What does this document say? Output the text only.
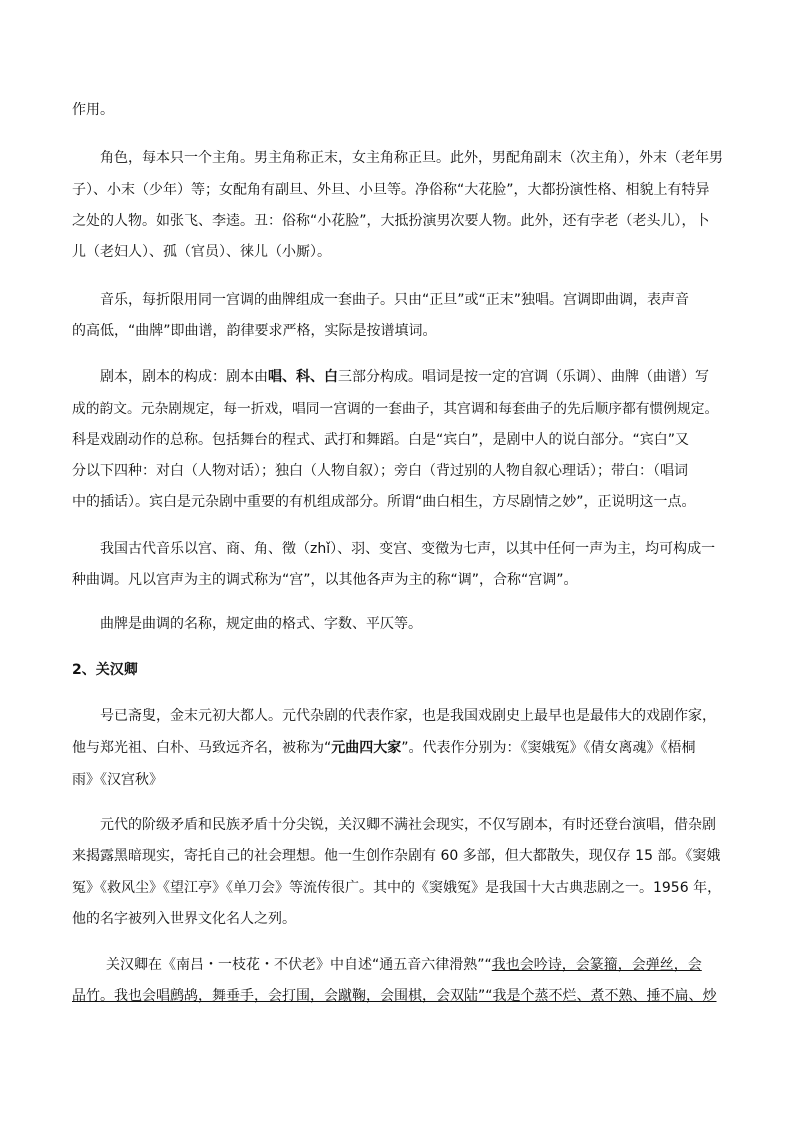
作用。
角色，每本只一个主角。男主角称正末，女主角称正旦。此外，男配角副末（次主角），外末（老年男
子）、小末（少年）等；女配角有副旦、外旦、小旦等。净俗称“大花脸”，大都扮演性格、相貌上有特异
之处的人物。如张飞、李逵。丑：俗称“小花脸”，大抵扮演男次要人物。此外，还有孛老（老头儿），卜
儿（老妇人）、孤（官员）、徕儿（小厮）。
音乐，每折限用同一宫调的曲牌组成一套曲子。只由“正旦”或“正末”独唱。宫调即曲调，表声音
的高低，“曲牌”即曲谱，韵律要求严格，实际是按谱填词。
剧本，剧本的构成：剧本由唱、科、白三部分构成。唱词是按一定的宫调（乐调）、曲牌（曲谱）写
成的韵文。元杂剧规定，每一折戏，唱同一宫调的一套曲子，其宫调和每套曲子的先后顺序都有惯例规定。
科是戏剧动作的总称。包括舞台的程式、武打和舞蹈。白是“宾白”，是剧中人的说白部分。“宾白”又
分以下四种：对白（人物对话）；独白（人物自叙）；旁白（背过别的人物自叙心理话）；带白：（唱词
中的插话）。宾白是元杂剧中重要的有机组成部分。所谓“曲白相生，方尽剧情之妙”，正说明这一点。
我国古代音乐以宫、商、角、徵（zhǐ）、羽、变宫、变徵为七声，以其中任何一声为主，均可构成一
种曲调。凡以宫声为主的调式称为“宫”，以其他各声为主的称“调”，合称“宫调”。
曲牌是曲调的名称，规定曲的格式、字数、平仄等。
2、关汉卿
号已斋叟，金末元初大都人。元代杂剧的代表作家，也是我国戏剧史上最早也是最伟大的戏剧作家，
他与郑光祖、白朴、马致远齐名，被称为“元曲四大家”。代表作分别为：《窦娥冤》《倩女离魂》《梧桐
雨》《汉宫秋》
元代的阶级矛盾和民族矛盾十分尖锐，关汉卿不满社会现实，不仅写剧本，有时还登台演唱，借杂剧
来揭露黑暗现实，寄托自己的社会理想。他一生创作杂剧有 60 多部，但大都散失，现仅存 15 部。《窦娥
冤》《救风尘》《望江亭》《单刀会》等流传很广。其中的《窦娥冤》是我国十大古典悲剧之一。1956 年，
他的名字被列入世界文化名人之列。
关汉卿在《南吕・一枝花・不伏老》中自述“通五音六律滑熟”“我也会吟诗，会篆籀，会弹丝，会
品竹。我也会唱鹧鸪，舞垂手，会打围，会蹴鞠，会围棋，会双陆”“我是个蒸不烂、煮不熟、捶不扁、炒
